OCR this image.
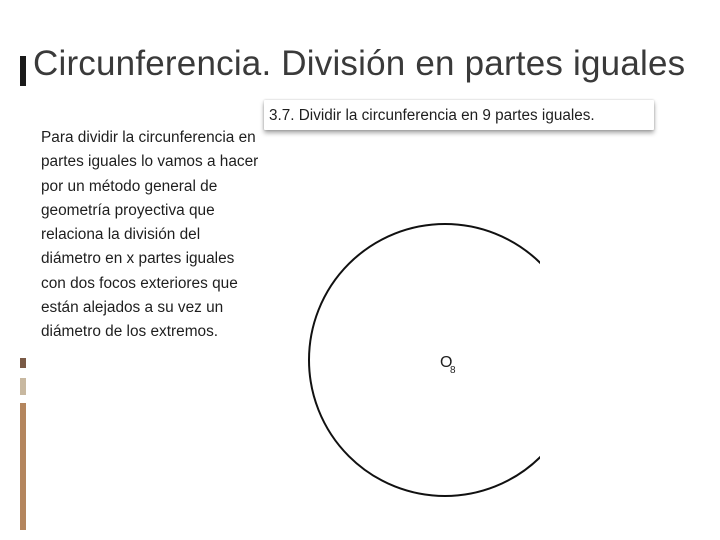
Circunferencia. División en partes iguales

Para dividir la circunferencia en partes iguales lo vamos a hacer por un método general de geometría proyectiva que relaciona la división del diámetro en x partes iguales con dos focos exteriores que están alejados a su vez un diámetro de los extremos.

3.7. Dividir la circunferencia en 9 partes iguales.
O
8
